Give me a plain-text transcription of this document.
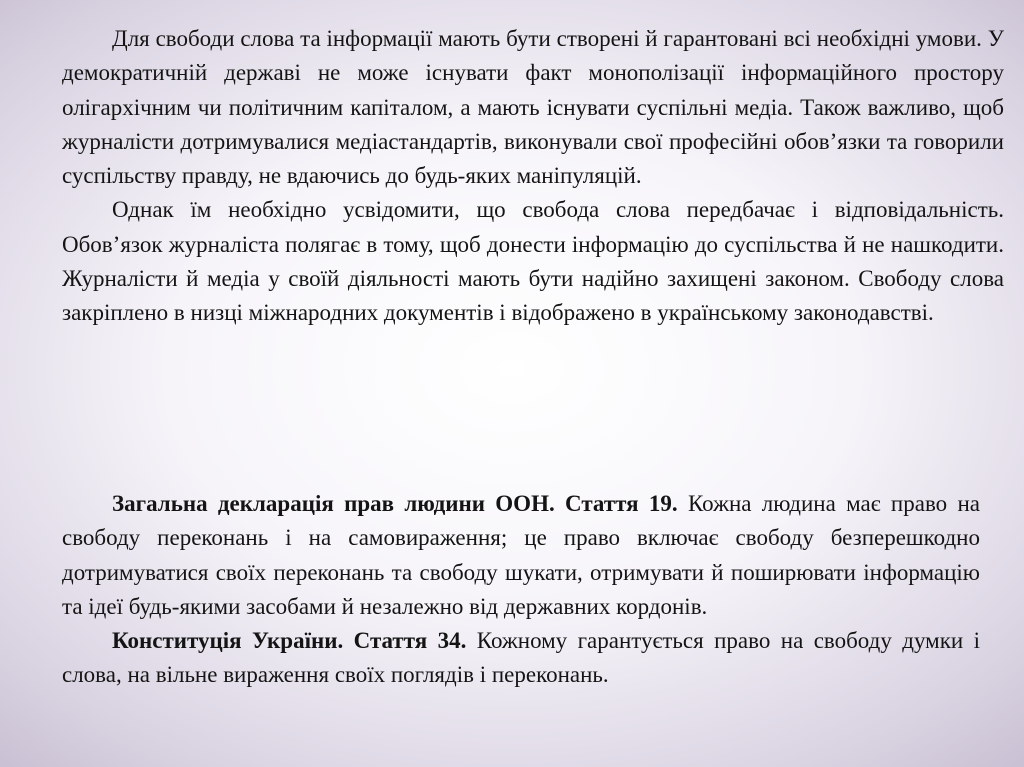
Для свободи слова та інформації мають бути створені й гарантовані всі необхідні умови. У демократичній державі не може існувати факт монополізації інформаційного простору олігархічним чи політичним капіталом, а мають існувати суспільні медіа. Також важливо, щоб журналісти дотримувалися медіастандартів, виконували свої професійні обов’язки та говорили суспільству правду, не вдаючись до будь-яких маніпуляцій.

Однак їм необхідно усвідомити, що свобода слова передбачає і відповідальність. Обов’язок журналіста полягає в тому, щоб донести інформацію до суспільства й не нашкодити. Журналісти й медіа у своїй діяльності мають бути надійно захищені законом. Свободу слова закріплено в низці міжнародних документів і відображено в українському законодавстві.

Загальна декларація прав людини ООН. Стаття 19. Кожна людина має право на свободу переконань і на самовираження; це право включає свободу безперешкодно дотримуватися своїх переконань та свободу шукати, отримувати й поширювати інформацію та ідеї будь-якими засобами й незалежно від державних кордонів.

Конституція України. Стаття 34. Кожному гарантується право на свободу думки і слова, на вільне вираження своїх поглядів і переконань.
